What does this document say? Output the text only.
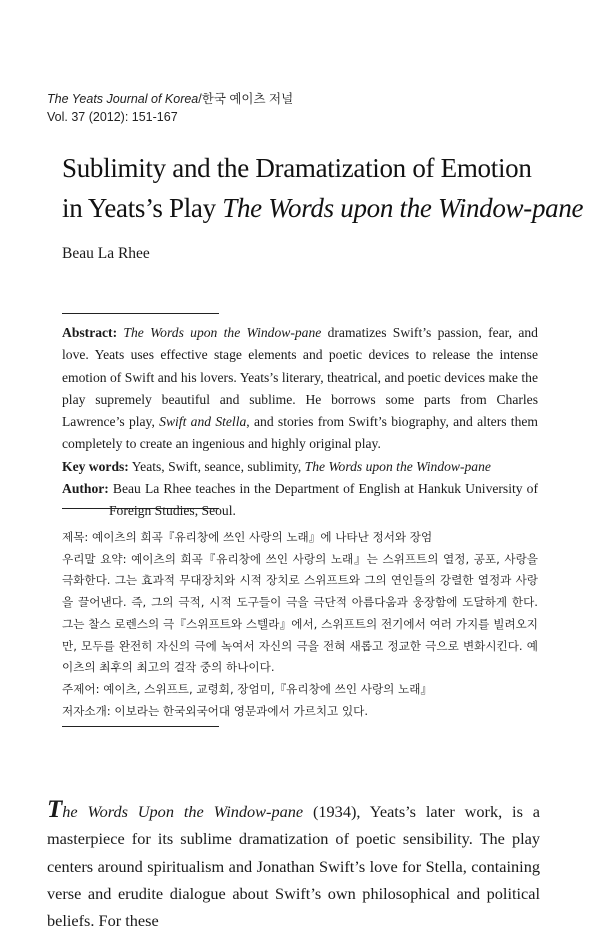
The Yeats Journal of Korea/한국 예이츠 저널
Vol. 37 (2012): 151-167
Sublimity and the Dramatization of Emotion
in Yeats’s Play The Words upon the Window-pane
Beau La Rhee

Abstract: The Words upon the Window-pane dramatizes Swift’s passion, fear, and love. Yeats uses effective stage elements and poetic devices to release the intense emotion of Swift and his lovers. Yeats’s literary, theatrical, and poetic devices make the play supremely beautiful and sublime. He borrows some parts from Charles Lawrence’s play, Swift and Stella, and stories from Swift’s biography, and alters them completely to create an ingenious and highly original play.

Key words: Yeats, Swift, seance, sublimity, The Words upon the Window-pane

Author: Beau La Rhee teaches in the Department of English at Hankuk University of Foreign Studies, Seoul.

제목: 예이츠의 희곡『유리창에 쓰인 사랑의 노래』에 나타난 정서와 장엄

우리말 요약: 예이츠의 희곡『유리창에 쓰인 사랑의 노래』는 스위프트의 열정, 공포, 사랑을 극화한다. 그는 효과적 무대장치와 시적 장치로 스위프트와 그의 연인들의 강렬한 열정과 사랑을 끌어낸다. 즉, 그의 극적, 시적 도구들이 극을 극단적 아름다움과 웅장함에 도달하게 한다. 그는 찰스 로렌스의 극『스위프트와 스텔라』에서, 스위프트의 전기에서 여러 가지를 빌려오지만, 모두를 완전히 자신의 극에 녹여서 자신의 극을 전혀 새롭고 정교한 극으로 변화시킨다. 예이츠의 최후의 최고의 걸작 중의 하나이다.

주제어: 예이츠, 스위프트, 교령회, 장엄미,『유리창에 쓰인 사랑의 노래』

저자소개: 이보라는 한국외국어대 영문과에서 가르치고 있다.

The Words Upon the Window-pane (1934), Yeats’s later work, is a masterpiece for its sublime dramatization of poetic sensibility. The play centers around spiritualism and Jonathan Swift’s love for Stella, containing verse and erudite dialogue about Swift’s own philosophical and political beliefs. For these
